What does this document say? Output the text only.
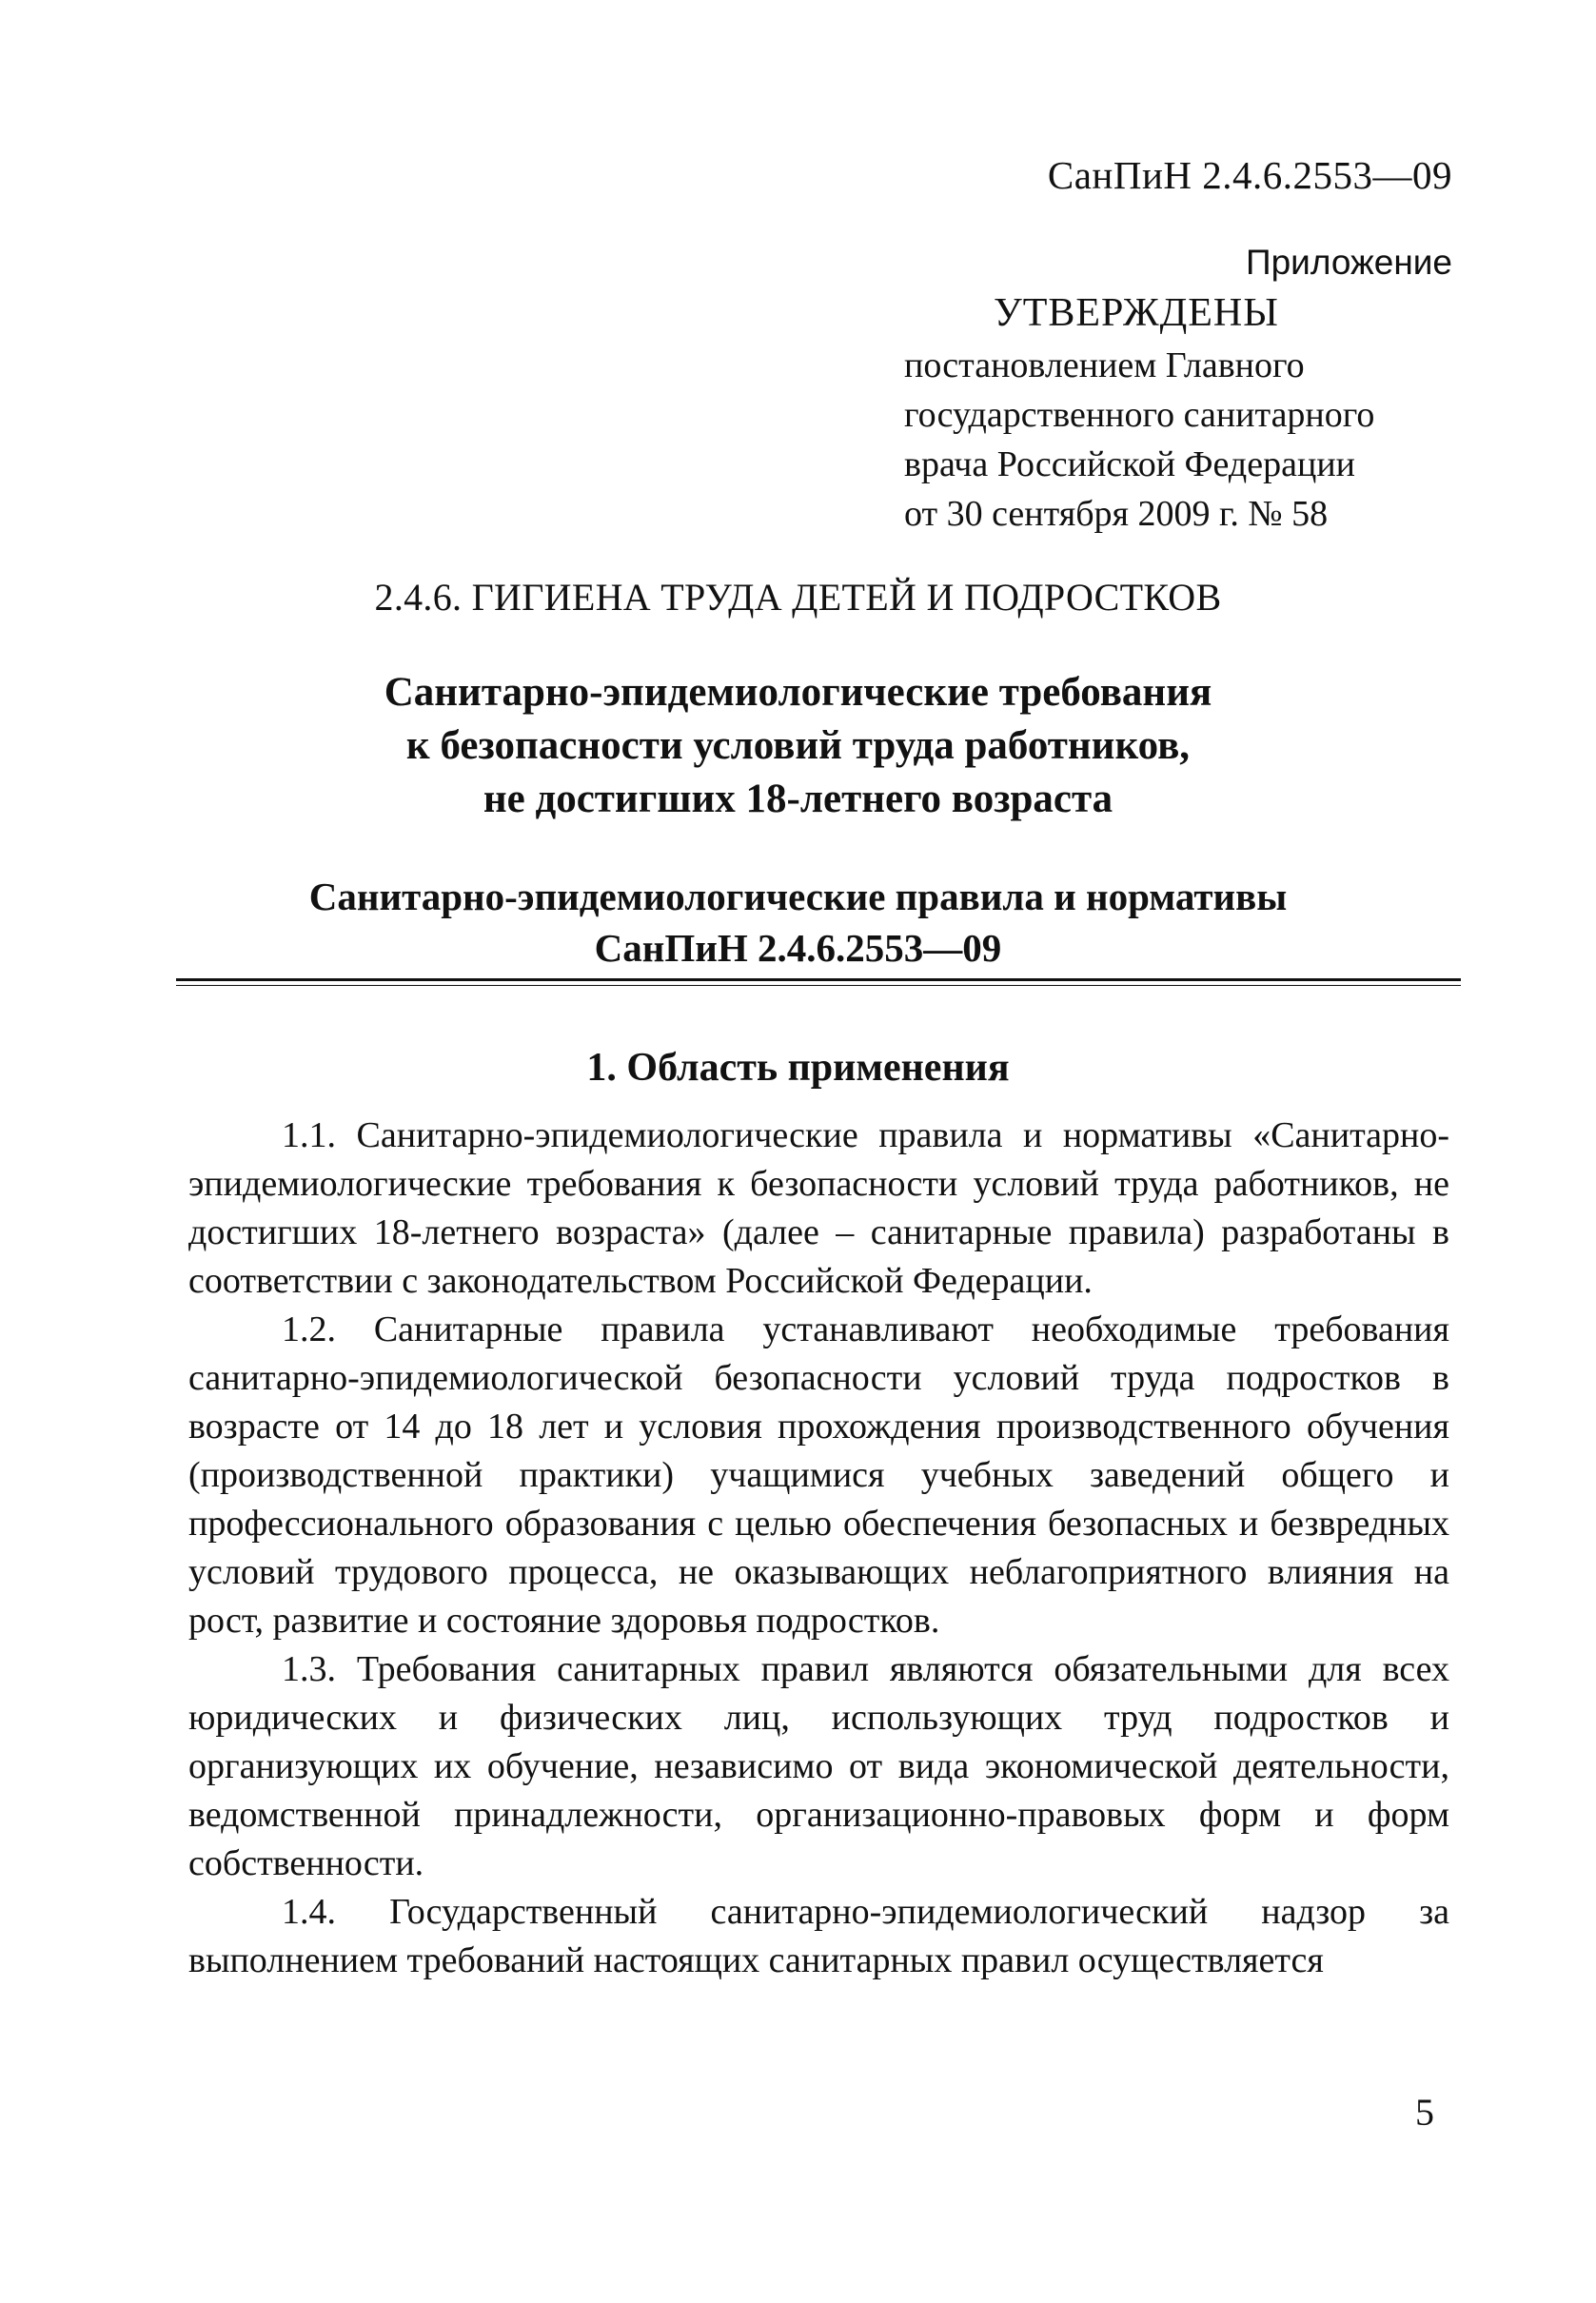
СанПиН 2.4.6.2553—09
Приложение
УТВЕРЖДЕНЫ
постановлением Главного
государственного санитарного
врача Российской Федерации
от 30 сентября 2009 г. № 58
2.4.6. ГИГИЕНА ТРУДА ДЕТЕЙ И ПОДРОСТКОВ
Санитарно-эпидемиологические требования
к безопасности условий труда работников,
не достигших 18-летнего возраста
Санитарно-эпидемиологические правила и нормативы
СанПиН 2.4.6.2553—09
1. Область применения

1.1. Санитарно-эпидемиологические правила и нормативы «Санитарно-эпидемиологические требования к безопасности условий труда работников, не достигших 18-летнего возраста» (далее – санитарные правила) разработаны в соответствии с законодательством Российской Федерации.

1.2. Санитарные правила устанавливают необходимые требования санитарно-эпидемиологической безопасности условий труда подростков в возрасте от 14 до 18 лет и условия прохождения производственного обучения (производственной практики) учащимися учебных заведений общего и профессионального образования с целью обеспечения безопасных и безвредных условий трудового процесса, не оказывающих неблагоприятного влияния на рост, развитие и состояние здоровья подростков.

1.3. Требования санитарных правил являются обязательными для всех юридических и физических лиц, использующих труд подростков и организующих их обучение, независимо от вида экономической деятельности, ведомственной принадлежности, организационно-правовых форм и форм собственности.

1.4. Государственный санитарно-эпидемиологический надзор за выполнением требований настоящих санитарных правил осуществляется

5
